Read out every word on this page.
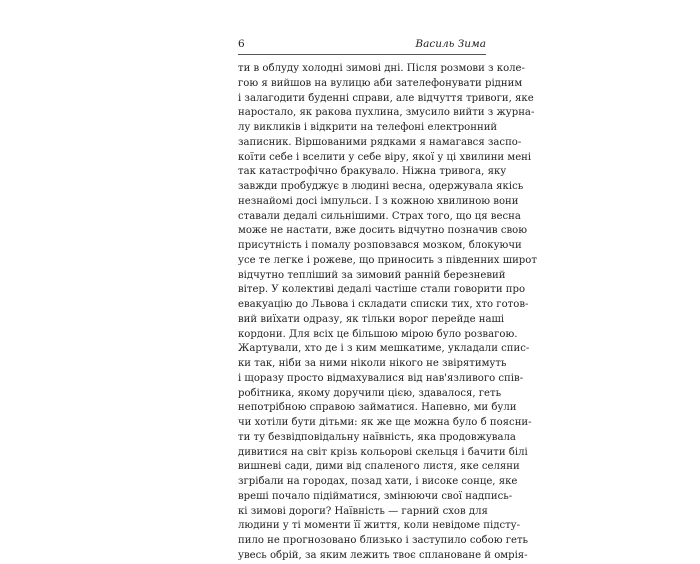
6	Василь Зима
ти в облуду холодні зимові дні. Після розмови з коле-
гою я вийшов на вулицю аби зателефонувати рідним
і залагодити буденні справи, але відчуття тривоги, яке
наростало, як ракова пухлина, змусило вийти з журна-
лу викликів і відкрити на телефоні електронний
записник. Віршованими рядками я намагався заспо-
коїти себе і вселити у себе віру, якої у ці хвилини мені
так катастрофічно бракувало. Ніжна тривога, яку
завжди пробуджує в людині весна, одержувала якісь
незнайомі досі імпульси. І з кожною хвилиною вони
ставали дедалі сильнішими. Страх того, що ця весна
може не настати, вже досить відчутно позначив свою
присутність і помалу розповзався мозком, блокуючи
усе те легке і рожеве, що приносить з південних широт
відчутно тепліший за зимовий ранній березневий
вітер. У колективі дедалі частіше стали говорити про
евакуацію до Львова і складати списки тих, хто готов-
вий виїхати одразу, як тільки ворог перейде наші
кордони. Для всіх це більшою мірою було розвагою.
Жартували, хто де і з ким мешкатиме, укладали спис-
ки так, ніби за ними ніколи нікого не звірятимуть
і щоразу просто відмахувалися від нав'язливого спів-
робітника, якому доручили цією, здавалося, геть
непотрібною справою займатися. Напевно, ми були
чи хотіли бути дітьми: як же ще можна було б поясни-
ти ту безвідповідальну наївність, яка продовжувала
дивитися на світ крізь кольорові скельця і бачити білі
вишневі сади, дими від спаленого листя, яке селяни
згрібали на городах, позад хати, і високе сонце, яке
вреші почало підійматися, змінюючи свої надпись-
кі зимові дороги? Наївність — гарний схов для
людини у ті моменти її життя, коли невідоме підсту-
пило не прогнозовано близько і заступило собою геть
увесь обрій, за яким лежить твоє сплановане й омрія-
